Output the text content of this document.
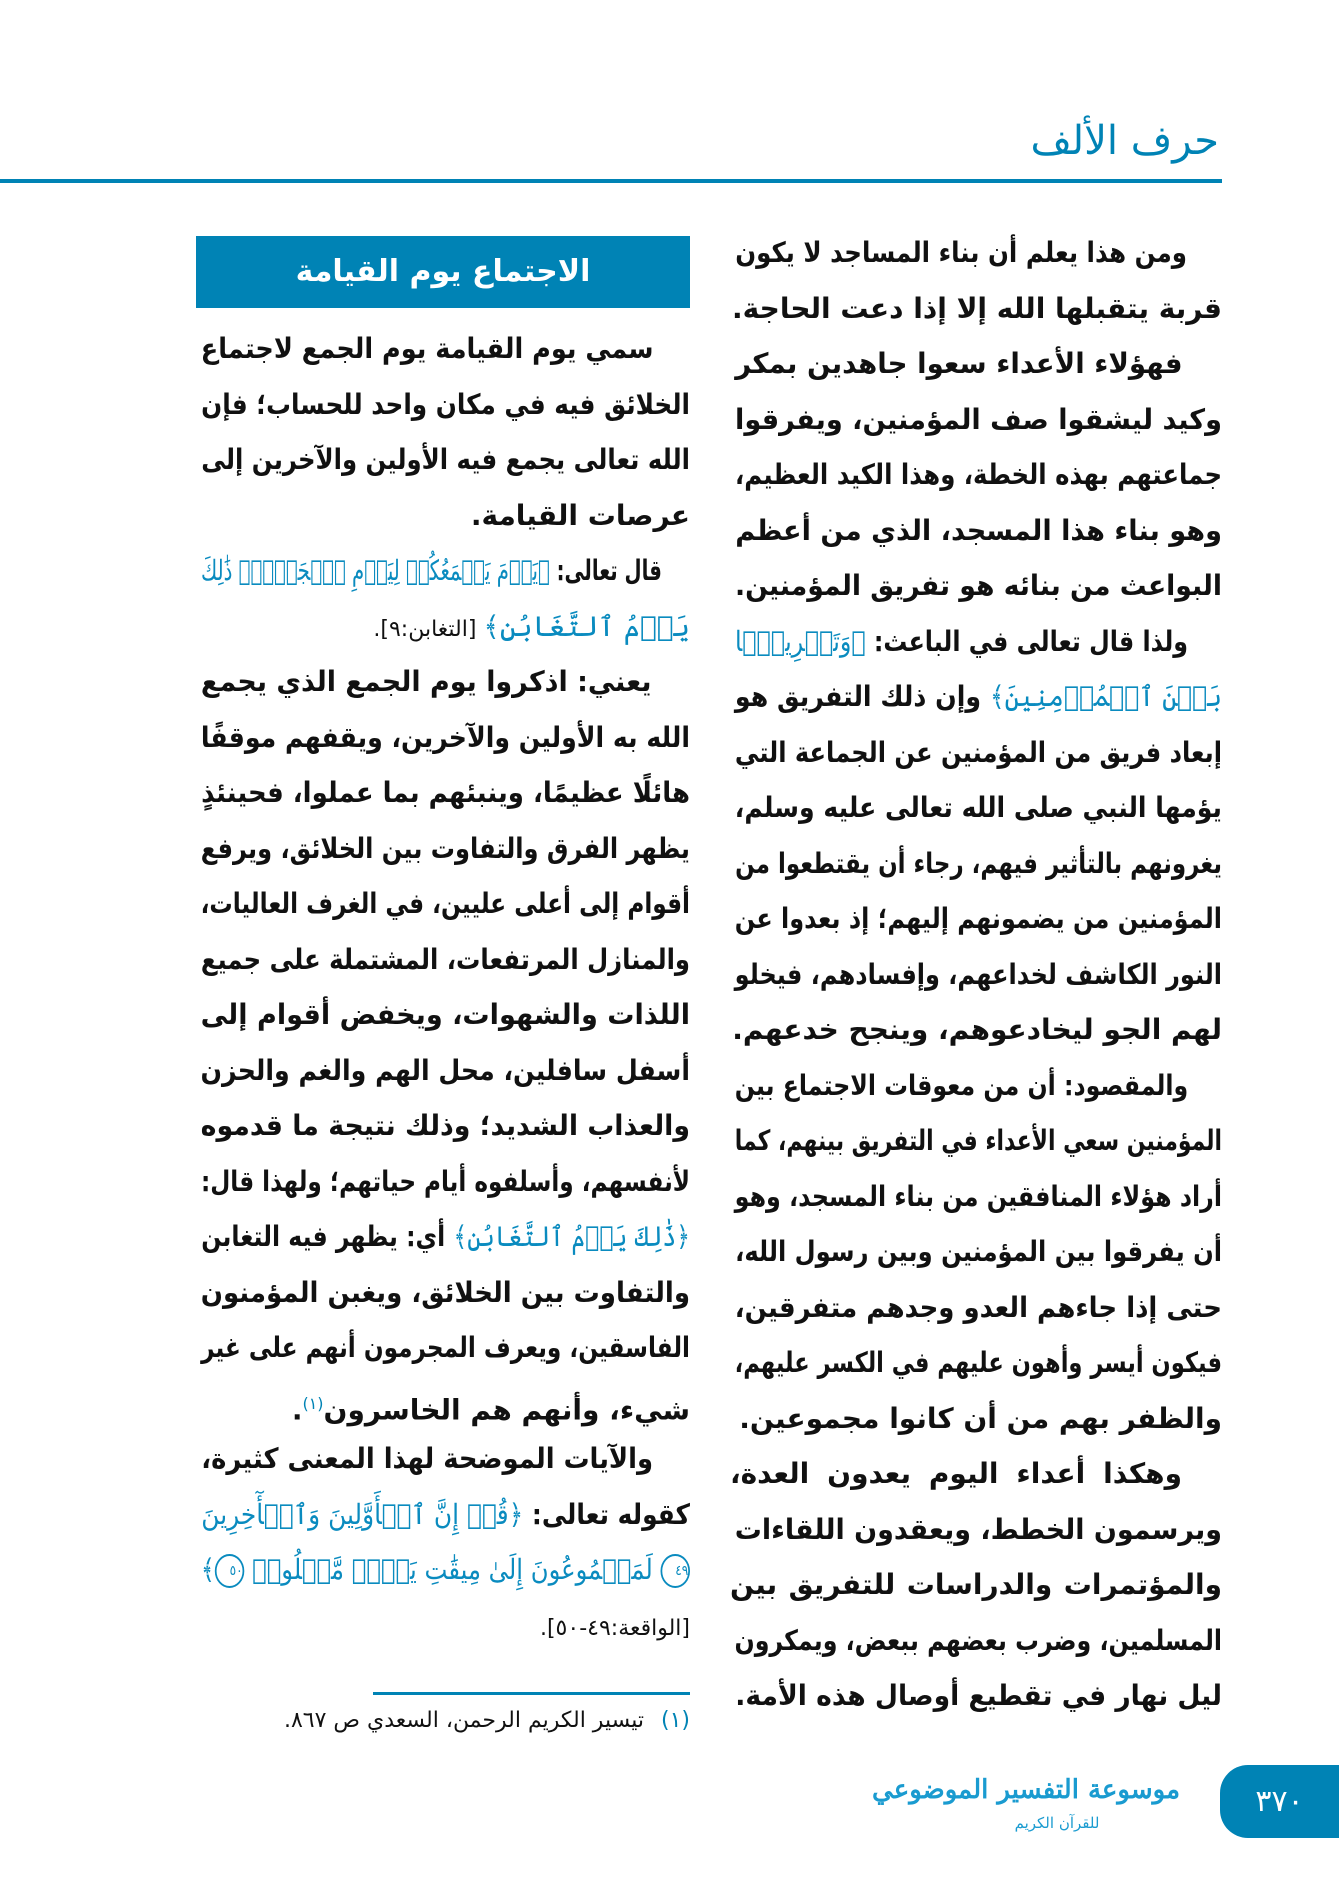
حرف الألف
ومن هذا يعلم أن بناء المساجد لا يكون
قربة يتقبلها الله إلا إذا دعت الحاجة.
فهؤلاء الأعداء سعوا جاهدين بمكر
وكيد ليشقوا صف المؤمنين، ويفرقوا
جماعتهم بهذه الخطة، وهذا الكيد العظيم،
وهو بناء هذا المسجد، الذي من أعظم
البواعث من بنائه هو تفريق المؤمنين.
ولذا قال تعالى في الباعث: ﴿وَتَفۡرِيقَۢا
بَيۡنَ ٱلۡمُؤۡمِنِينَ﴾ وإن ذلك التفريق هو
إبعاد فريق من المؤمنين عن الجماعة التي
يؤمها النبي صلى الله تعالى عليه وسلم،
يغرونهم بالتأثير فيهم، رجاء أن يقتطعوا من
المؤمنين من يضمونهم إليهم؛ إذ بعدوا عن
النور الكاشف لخداعهم، وإفسادهم، فيخلو
لهم الجو ليخادعوهم، وينجح خدعهم.
والمقصود: أن من معوقات الاجتماع بين
المؤمنين سعي الأعداء في التفريق بينهم، كما
أراد هؤلاء المنافقين من بناء المسجد، وهو
أن يفرقوا بين المؤمنين وبين رسول الله،
حتى إذا جاءهم العدو وجدهم متفرقين،
فيكون أيسر وأهون عليهم في الكسر عليهم،
والظفر بهم من أن كانوا مجموعين.
وهكذا أعداء اليوم يعدون العدة،
ويرسمون الخطط، ويعقدون اللقاءات
والمؤتمرات والدراسات للتفريق بين
المسلمين، وضرب بعضهم ببعض، ويمكرون
ليل نهار في تقطيع أوصال هذه الأمة.
الاجتماع يوم القيامة
سمي يوم القيامة يوم الجمع لاجتماع
الخلائق فيه في مكان واحد للحساب؛ فإن
الله تعالى يجمع فيه الأولين والآخرين إلى
عرصات القيامة.
قال تعالى: ﴿يَوۡمَ يَجۡمَعُكُمۡ لِيَوۡمِ ٱلۡجَمۡعِۖ ذَٰلِكَ
يَوۡمُ ٱلتَّغَابُنِ﴾ [التغابن:٩].
يعني: اذكروا يوم الجمع الذي يجمع
الله به الأولين والآخرين، ويقفهم موقفًا
هائلًا عظيمًا، وينبئهم بما عملوا، فحينئذٍ
يظهر الفرق والتفاوت بين الخلائق، ويرفع
أقوام إلى أعلى عليين، في الغرف العاليات،
والمنازل المرتفعات، المشتملة على جميع
اللذات والشهوات، ويخفض أقوام إلى
أسفل سافلين، محل الهم والغم والحزن
والعذاب الشديد؛ وذلك نتيجة ما قدموه
لأنفسهم، وأسلفوه أيام حياتهم؛ ولهذا قال:
﴿ذَٰلِكَ يَوۡمُ ٱلتَّغَابُنِ﴾ أي: يظهر فيه التغابن
والتفاوت بين الخلائق، ويغبن المؤمنون
الفاسقين، ويعرف المجرمون أنهم على غير
شيء، وأنهم هم الخاسرون$^{(١)}$.
والآيات الموضحة لهذا المعنى كثيرة،
كقوله تعالى: ﴿قُلۡ إِنَّ ٱلۡأَوَّلِينَ وَٱلۡأٓخِرِينَ
٤٩ لَمَجۡمُوعُونَ إِلَىٰ مِيقَٰتِ يَوۡمٖ مَّعۡلُومٖ ٥٠﴾
[الواقعة:٤٩-٥٠].
(١) تيسير الكريم الرحمن، السعدي ص ٨٦٧.
موسوعة التفسير الموضوعي
للقرآن الكريم
٣٧٠
